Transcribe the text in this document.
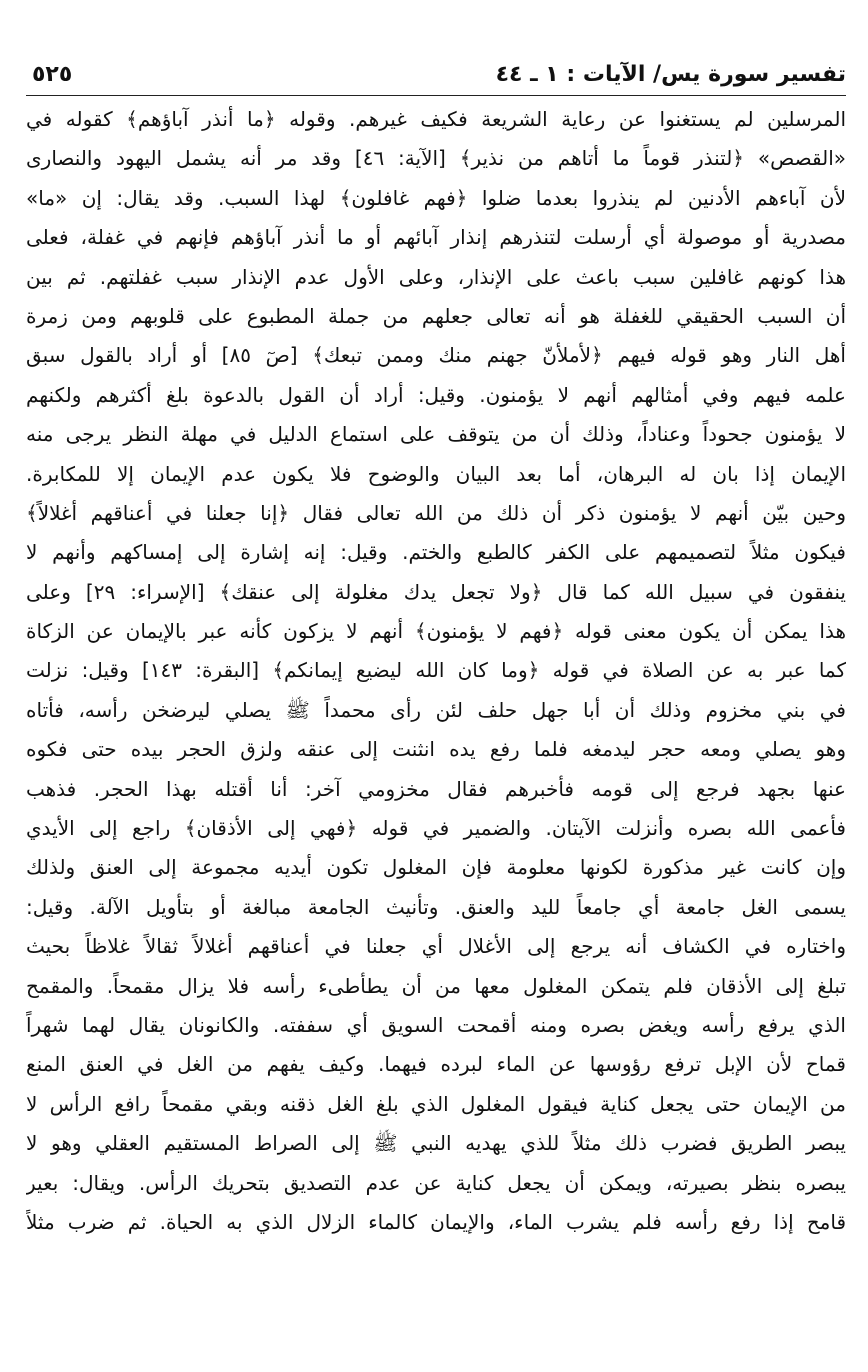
تفسير سورة يس/ الآيات : ١ ـ ٤٤
٥٢٥
المرسلين لم يستغنوا عن رعاية الشريعة فكيف غيرهم. وقوله ﴿ما أنذر آباؤهم﴾ كقوله في
«القصص» ﴿لتنذر قوماً ما أتاهم من نذير﴾ [الآية: ٤٦] وقد مر أنه يشمل اليهود والنصارى
لأن آباءهم الأدنين لم ينذروا بعدما ضلوا ﴿فهم غافلون﴾ لهذا السبب. وقد يقال: إن «ما»
مصدرية أو موصولة أي أرسلت لتنذرهم إنذار آبائهم أو ما أنذر آباؤهم فإنهم في غفلة، فعلى
هذا كونهم غافلين سبب باعث على الإنذار، وعلى الأول عدم الإنذار سبب غفلتهم. ثم بين
أن السبب الحقيقي للغفلة هو أنه تعالى جعلهم من جملة المطبوع على قلوبهم ومن زمرة
أهل النار وهو قوله فيهم ﴿لأملأنّ جهنم منك وممن تبعك﴾ [صٓ ٨٥] أو أراد بالقول سبق
علمه فيهم وفي أمثالهم أنهم لا يؤمنون. وقيل: أراد أن القول بالدعوة بلغ أكثرهم ولكنهم
لا يؤمنون جحوداً وعناداً، وذلك أن من يتوقف على استماع الدليل في مهلة النظر يرجى منه
الإيمان إذا بان له البرهان، أما بعد البيان والوضوح فلا يكون عدم الإيمان إلا للمكابرة.
وحين بيّن أنهم لا يؤمنون ذكر أن ذلك من الله تعالى فقال ﴿إنا جعلنا في أعناقهم أغلالاً﴾
فيكون مثلاً لتصميمهم على الكفر كالطبع والختم. وقيل: إنه إشارة إلى إمساكهم وأنهم لا
ينفقون في سبيل الله كما قال ﴿ولا تجعل يدك مغلولة إلى عنقك﴾ [الإسراء: ٢٩] وعلى
هذا يمكن أن يكون معنى قوله ﴿فهم لا يؤمنون﴾ أنهم لا يزكون كأنه عبر بالإيمان عن الزكاة
كما عبر به عن الصلاة في قوله ﴿وما كان الله ليضيع إيمانكم﴾ [البقرة: ١٤٣] وقيل: نزلت
في بني مخزوم وذلك أن أبا جهل حلف لئن رأى محمداً ﷺ يصلي ليرضخن رأسه، فأتاه
وهو يصلي ومعه حجر ليدمغه فلما رفع يده انثنت إلى عنقه ولزق الحجر بيده حتى فكوه
عنها بجهد فرجع إلى قومه فأخبرهم فقال مخزومي آخر: أنا أقتله بهذا الحجر. فذهب
فأعمى الله بصره وأنزلت الآيتان. والضمير في قوله ﴿فهي إلى الأذقان﴾ راجع إلى الأيدي
وإن كانت غير مذكورة لكونها معلومة فإن المغلول تكون أيديه مجموعة إلى العنق ولذلك
يسمى الغل جامعة أي جامعاً لليد والعنق. وتأنيث الجامعة مبالغة أو بتأويل الآلة. وقيل:
واختاره في الكشاف أنه يرجع إلى الأغلال أي جعلنا في أعناقهم أغلالاً ثقالاً غلاظاً بحيث
تبلغ إلى الأذقان فلم يتمكن المغلول معها من أن يطأطىء رأسه فلا يزال مقمحاً. والمقمح
الذي يرفع رأسه ويغض بصره ومنه أقمحت السويق أي سففته. والكانونان يقال لهما شهراً
قماح لأن الإبل ترفع رؤوسها عن الماء لبرده فيهما. وكيف يفهم من الغل في العنق المنع
من الإيمان حتى يجعل كناية فيقول المغلول الذي بلغ الغل ذقنه وبقي مقمحاً رافع الرأس لا
يبصر الطريق فضرب ذلك مثلاً للذي يهديه النبي ﷺ إلى الصراط المستقيم العقلي وهو لا
يبصره بنظر بصيرته، ويمكن أن يجعل كناية عن عدم التصديق بتحريك الرأس. ويقال: بعير
قامح إذا رفع رأسه فلم يشرب الماء، والإيمان كالماء الزلال الذي به الحياة. ثم ضرب مثلاً
